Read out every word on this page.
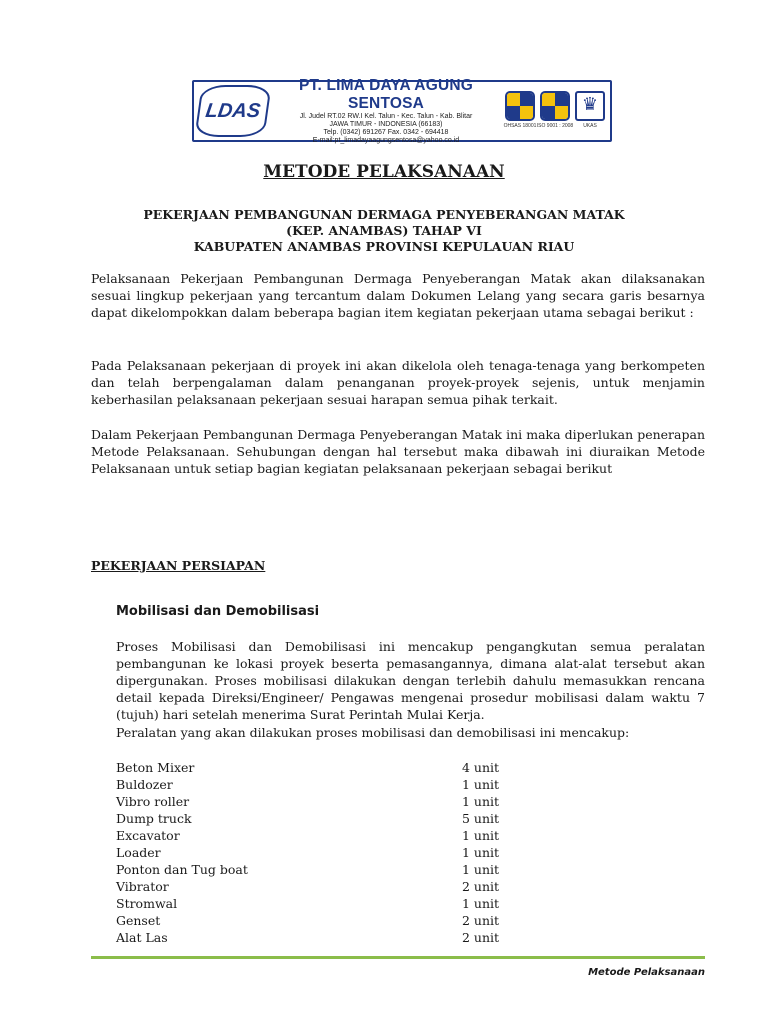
LDAS
PT. LIMA DAYA AGUNG SENTOSA
Jl. Judel RT.02 RW.I Kel. Talun - Kec. Talun - Kab. Blitar
JAWA TIMUR - INDONESIA (66183)
Telp. (0342) 691267 Fax. 0342 - 694418
E-mail:pt_limadayaagungsentosa@yahoo.co.id
OHSAS 18001 ISO 9001 : 2008
♛
UKAS
METODE PELAKSANAAN
PEKERJAAN PEMBANGUNAN DERMAGA PENYEBERANGAN MATAK
(KEP. ANAMBAS) TAHAP VI
KABUPATEN ANAMBAS PROVINSI KEPULAUAN RIAU

Pelaksanaan Pekerjaan Pembangunan Dermaga Penyeberangan Matak akan dilaksanakan sesuai lingkup pekerjaan yang tercantum dalam Dokumen Lelang yang secara garis besarnya dapat dikelompokkan dalam beberapa bagian item kegiatan pekerjaan utama sebagai berikut :

Pada Pelaksanaan pekerjaan di proyek ini akan dikelola oleh tenaga-tenaga yang berkompeten dan telah berpengalaman dalam penanganan proyek-proyek sejenis, untuk menjamin keberhasilan pelaksanaan pekerjaan sesuai harapan semua pihak terkait.

Dalam Pekerjaan Pembangunan Dermaga Penyeberangan Matak ini maka diperlukan penerapan Metode Pelaksanaan. Sehubungan dengan hal tersebut maka dibawah ini diuraikan Metode Pelaksanaan untuk setiap bagian kegiatan pelaksanaan pekerjaan sebagai berikut

PEKERJAAN PERSIAPAN
Mobilisasi dan Demobilisasi

Proses Mobilisasi dan Demobilisasi ini mencakup pengangkutan semua peralatan pembangunan ke lokasi proyek beserta pemasangannya, dimana alat-alat tersebut akan dipergunakan. Proses mobilisasi dilakukan dengan terlebih dahulu memasukkan rencana detail kepada Direksi/Engineer/ Pengawas mengenai prosedur mobilisasi dalam waktu 7 (tujuh) hari setelah menerima Surat Perintah Mulai Kerja.

Peralatan yang akan dilakukan proses mobilisasi dan demobilisasi ini mencakup:

Beton Mixer	4 unit
Buldozer	1 unit
Vibro roller	1 unit
Dump truck	5 unit
Excavator	1 unit
Loader	1 unit
Ponton dan Tug boat	1 unit
Vibrator	2 unit
Stromwal	1 unit
Genset	2 unit
Alat Las	2 unit
Metode Pelaksanaan
